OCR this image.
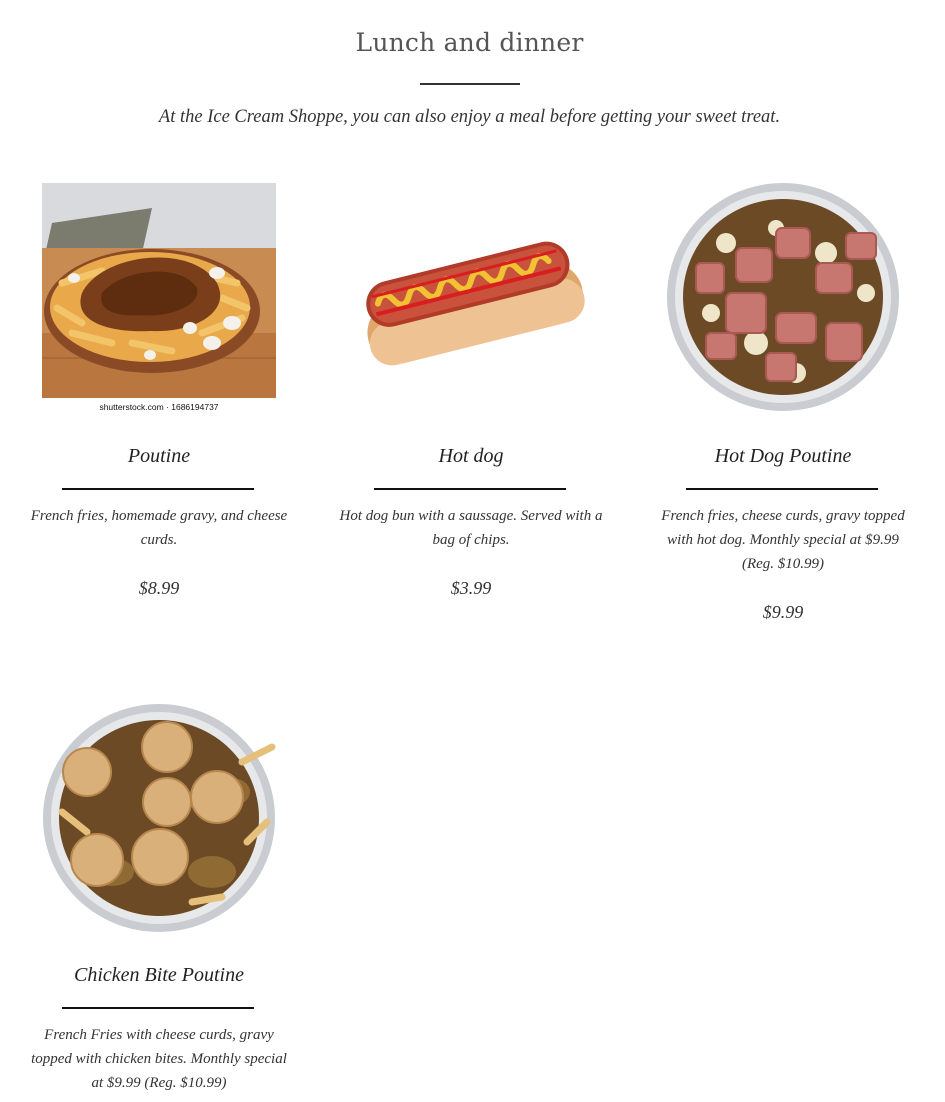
Lunch and dinner
At the Ice Cream Shoppe, you can also enjoy a meal before getting your sweet treat.
shutterstock.com · 1686194737
Poutine
French fries, homemade gravy, and cheese curds.
$8.99
Hot dog
Hot dog bun with a saussage. Served with a bag of chips.
$3.99
Hot Dog Poutine
French fries, cheese curds, gravy topped with hot dog. Monthly special at $9.99 (Reg. $10.99)
$9.99
Chicken Bite Poutine
French Fries with cheese curds, gravy topped with chicken bites. Monthly special at $9.99 (Reg. $10.99)
